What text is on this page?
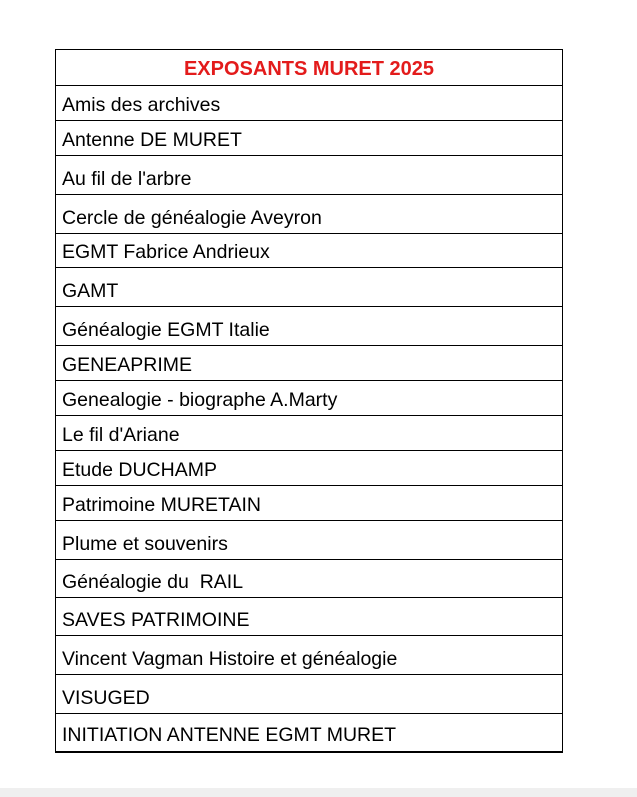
EXPOSANTS MURET 2025
Amis des archives
Antenne DE MURET
Au fil de l'arbre
Cercle de généalogie Aveyron
EGMT Fabrice Andrieux
GAMT
Généalogie EGMT Italie
GENEAPRIME
Genealogie - biographe A.Marty
Le fil d'Ariane
Etude DUCHAMP
Patrimoine MURETAIN
Plume et souvenirs
Généalogie du  RAIL
SAVES PATRIMOINE
Vincent Vagman Histoire et généalogie
VISUGED
INITIATION ANTENNE EGMT MURET
